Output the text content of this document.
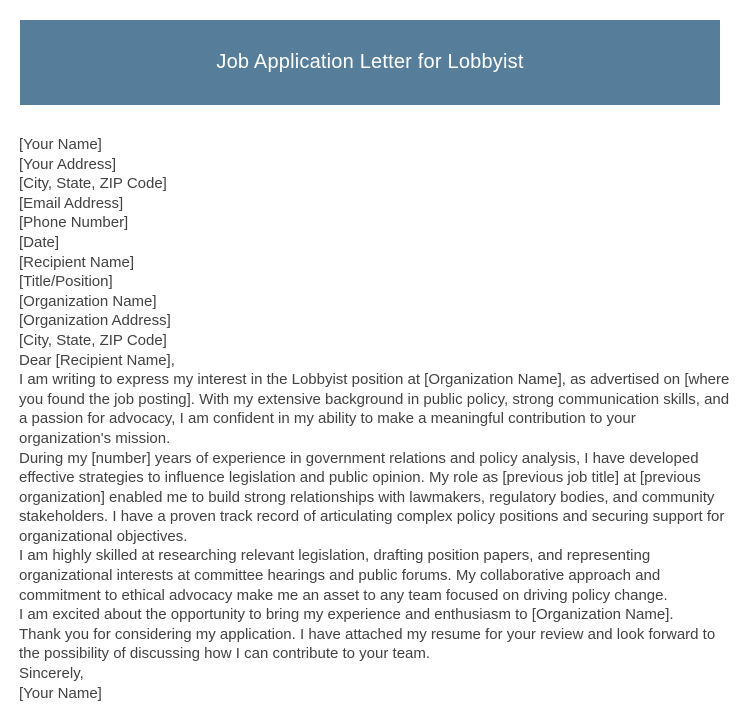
Job Application Letter for Lobbyist
[Your Name]
[Your Address]
[City, State, ZIP Code]
[Email Address]
[Phone Number]
[Date]
[Recipient Name]
[Title/Position]
[Organization Name]
[Organization Address]
[City, State, ZIP Code]
Dear [Recipient Name],
I am writing to express my interest in the Lobbyist position at [Organization Name], as advertised on [where you found the job posting]. With my extensive background in public policy, strong communication skills, and a passion for advocacy, I am confident in my ability to make a meaningful contribution to your organization's mission.
During my [number] years of experience in government relations and policy analysis, I have developed effective strategies to influence legislation and public opinion. My role as [previous job title] at [previous organization] enabled me to build strong relationships with lawmakers, regulatory bodies, and community stakeholders. I have a proven track record of articulating complex policy positions and securing support for organizational objectives.
I am highly skilled at researching relevant legislation, drafting position papers, and representing organizational interests at committee hearings and public forums. My collaborative approach and commitment to ethical advocacy make me an asset to any team focused on driving policy change.
I am excited about the opportunity to bring my experience and enthusiasm to [Organization Name].
Thank you for considering my application. I have attached my resume for your review and look forward to the possibility of discussing how I can contribute to your team.
Sincerely,
[Your Name]
